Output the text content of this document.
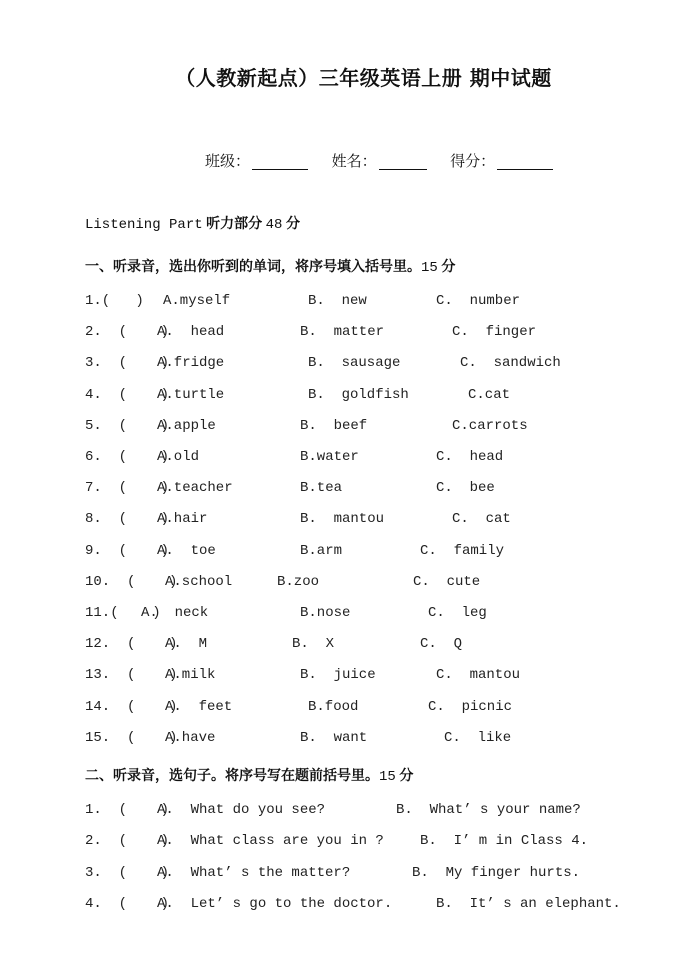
（人教新起点）三年级英语上册 期中试题
班级：	姓名：	得分：
Listening Part 听力部分 48 分
一、听录音，选出你听到的单词，将序号填入括号里。15 分
1.(   ) A.myself	B.  new	C.  number
2.  (    )
A.  head	B.  matter	C.  finger
3.  (    )
A.fridge	B.  sausage	C.  sandwich
4.  (    )
A.turtle	B.  goldfish	C.cat
5.  (    )
A.apple	B.  beef	C.carrots
6.  (    )
A.old	B.water	C.  head
7.  (    )
A.teacher	B.tea	C.  bee
8.  (    )
A.hair	B.  mantou	C.  cat
9.  (    )
A.  toe	B.arm	C.  family
10.  (    )
A.school	B.zoo	C.  cute
11.(    )
A.  neck	B.nose	C.  leg
12.  (    )
A.  M	B.  X	C.  Q
13.  (    )
A.milk	B.  juice	C.  mantou
14.  (    )
A.  feet	B.food	C.  picnic
15.  (    )
A.have	B.  want	C.  like
二、听录音，选句子。将序号写在题前括号里。15 分
1.  (    )
A.  What do you see?	B.  What’ s your name?
2.  (    )
A.  What class are you in ?	B.  I’ m in Class 4.
3.  (    )
A.  What’ s the matter?	B.  My finger hurts.
4.  (    )
A.  Let’ s go to the doctor.	B.  It’ s an elephant.
